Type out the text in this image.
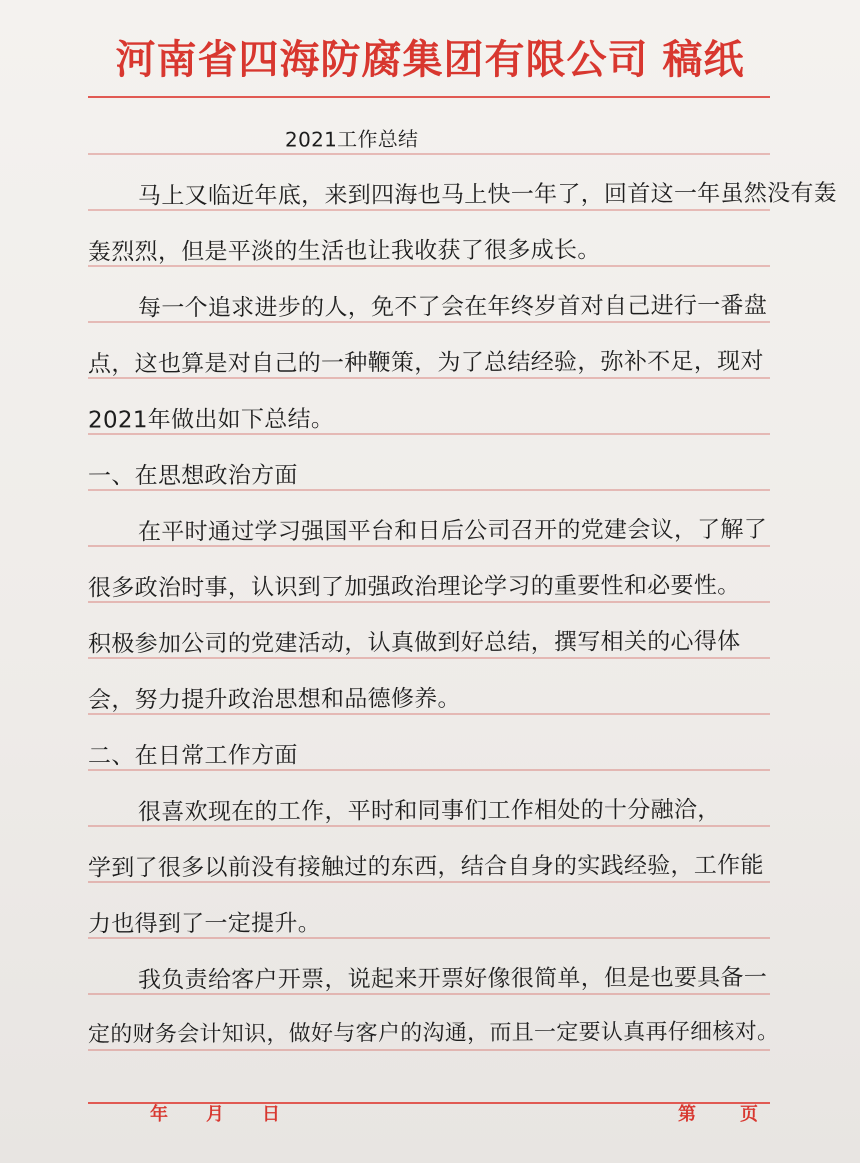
河南省四海防腐集团有限公司 稿纸
2021工作总结
马上又临近年底，来到四海也马上快一年了，回首这一年虽然没有轰
轰烈烈，但是平淡的生活也让我收获了很多成长。
每一个追求进步的人，免不了会在年终岁首对自己进行一番盘
点，这也算是对自己的一种鞭策，为了总结经验，弥补不足，现对
2021年做出如下总结。
一、在思想政治方面
在平时通过学习强国平台和日后公司召开的党建会议，了解了
很多政治时事，认识到了加强政治理论学习的重要性和必要性。
积极参加公司的党建活动，认真做到好总结，撰写相关的心得体
会，努力提升政治思想和品德修养。
二、在日常工作方面
很喜欢现在的工作，平时和同事们工作相处的十分融洽，
学到了很多以前没有接触过的东西，结合自身的实践经验，工作能
力也得到了一定提升。
我负责给客户开票，说起来开票好像很简单，但是也要具备一
定的财务会计知识，做好与客户的沟通，而且一定要认真再仔细核对。
年 月 日	第 页
